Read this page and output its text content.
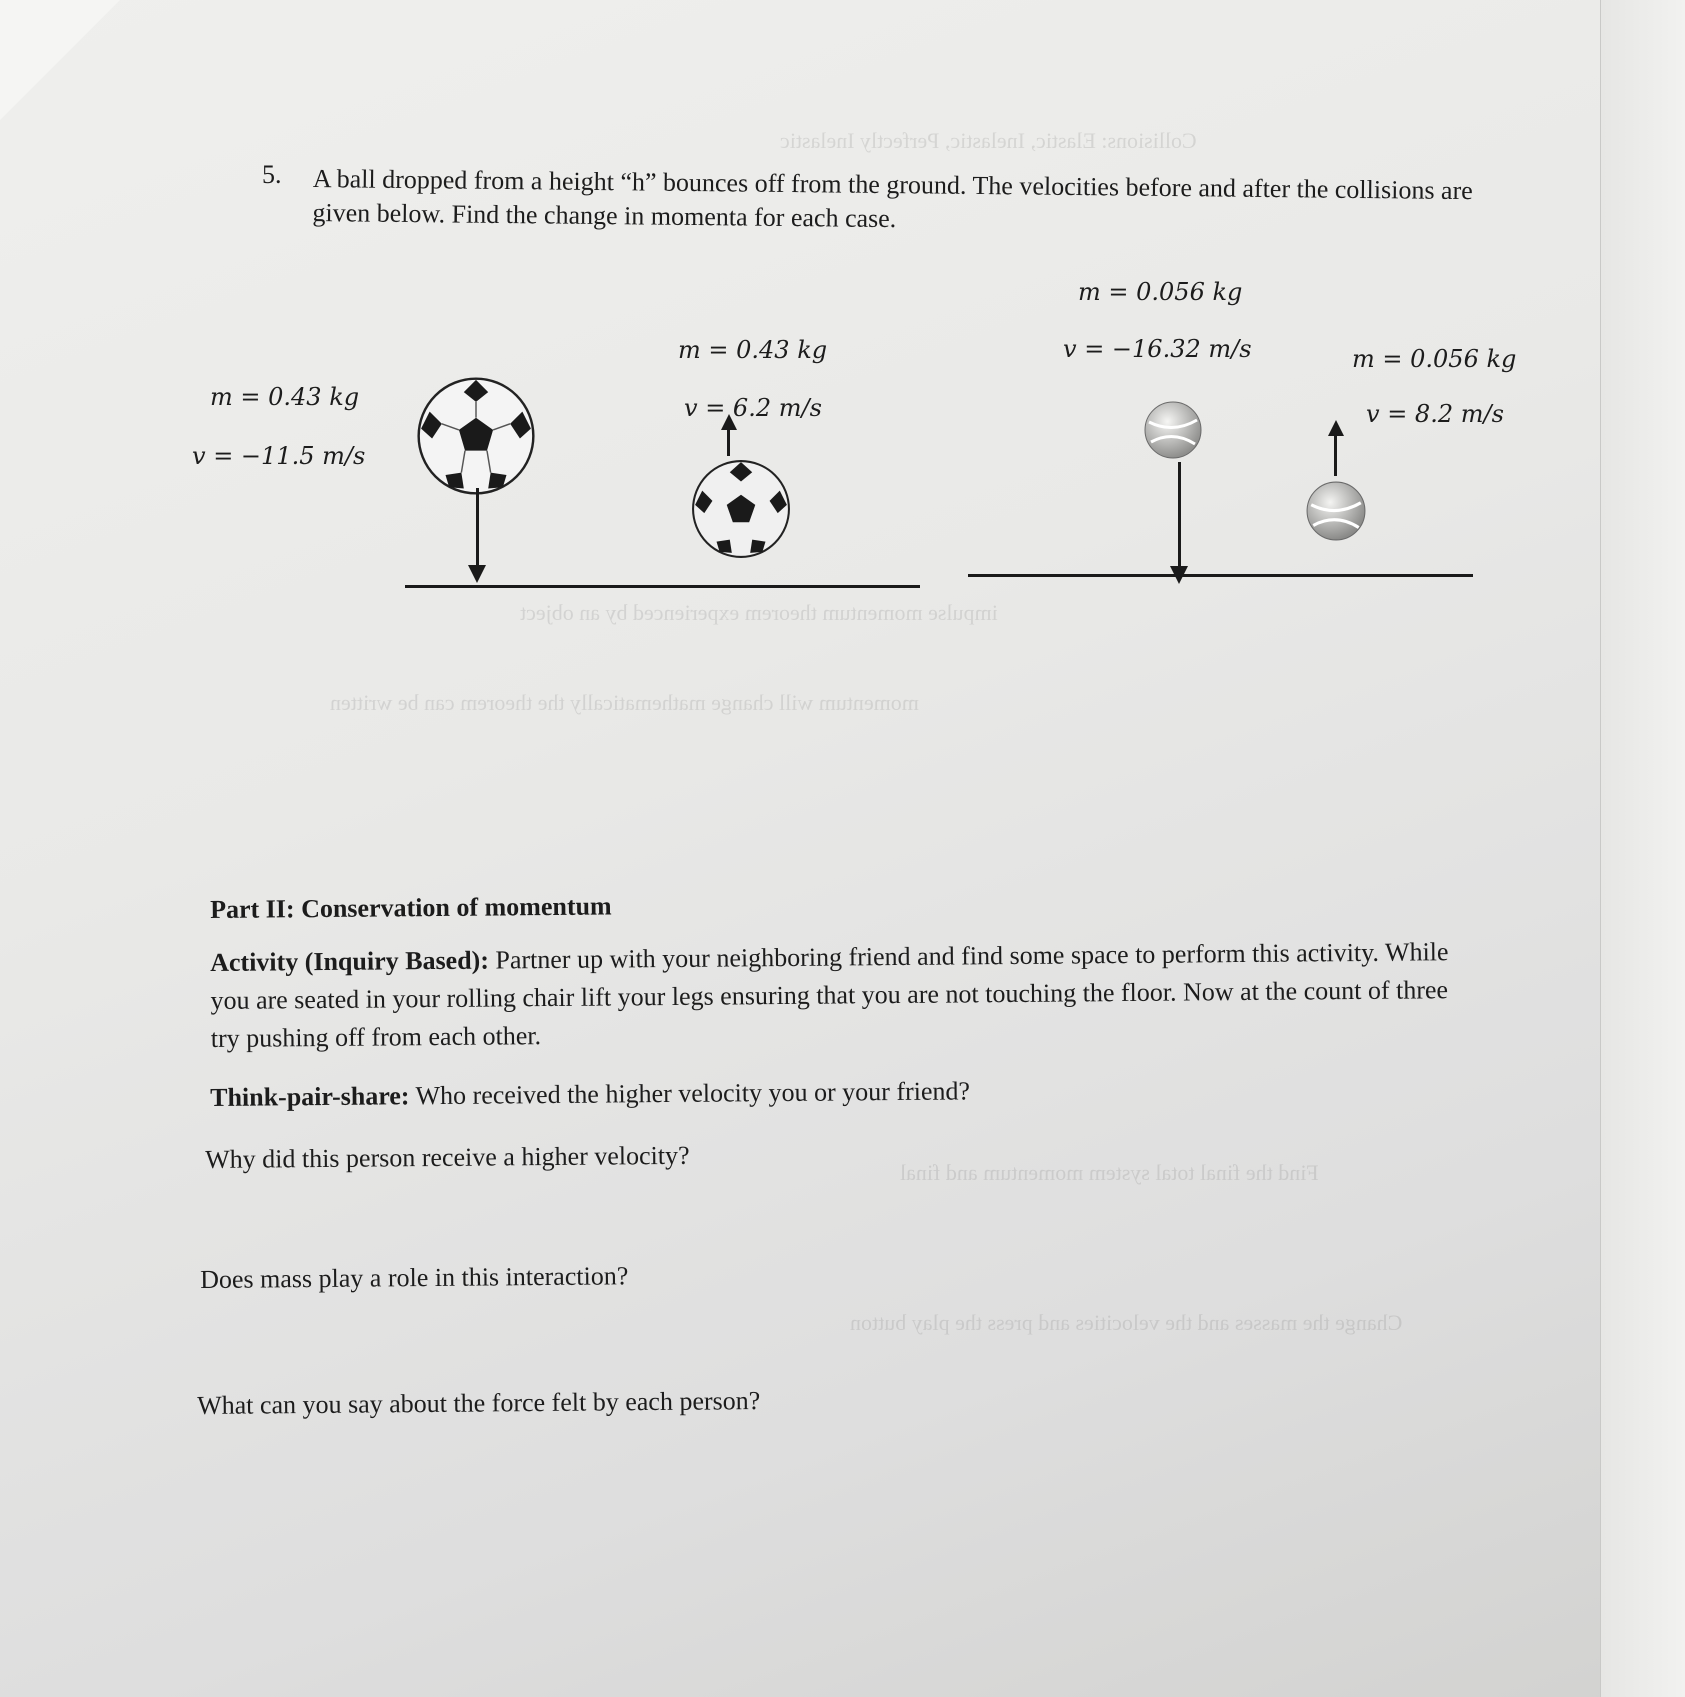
Collisions: Elastic, Inelastic, Perfectly Inelastic
impulse momentum theorem experienced by an object
momentum will change mathematically the theorem can be written
Find the final total system momentum and final
Change the masses and the velocities and press the play button
5. A ball dropped from a height “h” bounces off from the ground. The velocities before and after the collisions are given below. Find the change in momenta for each case.
m = 0.43 kg
v = −11.5 m/s
m = 0.43 kg
v = 6.2 m/s
m = 0.056 kg
v = −16.32 m/s	m = 0.056 kg
v = 8.2 m/s
Part II: Conservation of momentum
Activity (Inquiry Based): Partner up with your neighboring friend and find some space to perform this activity. While you are seated in your rolling chair lift your legs ensuring that you are not touching the floor. Now at the count of three try pushing off from each other.
Think-pair-share: Who received the higher velocity you or your friend?
Why did this person receive a higher velocity?
Does mass play a role in this interaction?
What can you say about the force felt by each person?
